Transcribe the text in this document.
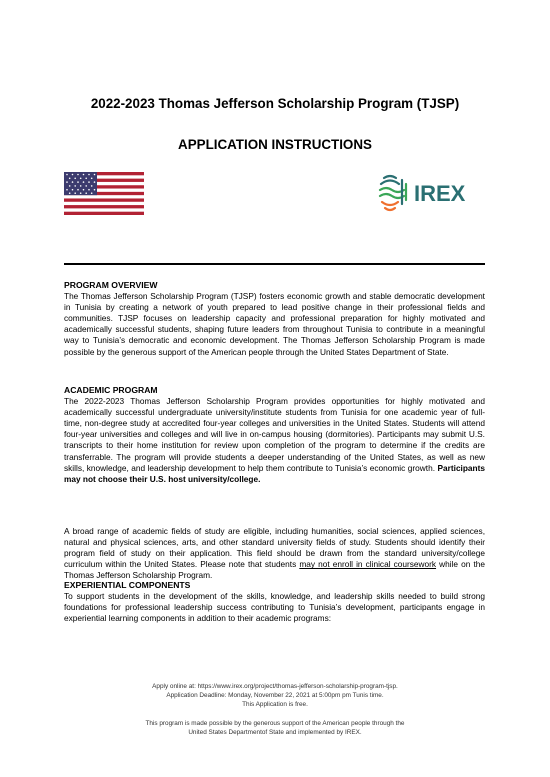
2022-2023 Thomas Jefferson Scholarship Program (TJSP)
APPLICATION INSTRUCTIONS
IREX
PROGRAM OVERVIEW
The Thomas Jefferson Scholarship Program (TJSP) fosters economic growth and stable democratic development in Tunisia by creating a network of youth prepared to lead positive change in their professional fields and communities. TJSP focuses on leadership capacity and professional preparation for highly motivated and academically successful students, shaping future leaders from throughout Tunisia to contribute in a meaningful way to Tunisia’s democratic and economic development. The Thomas Jefferson Scholarship Program is made possible by the generous support of the American people through the United States Department of State.
ACADEMIC PROGRAM
The 2022-2023 Thomas Jefferson Scholarship Program provides opportunities for highly motivated and academically successful undergraduate university/institute students from Tunisia for one academic year of full-time, non-degree study at accredited four-year colleges and universities in the United States. Students will attend four-year universities and colleges and will live in on-campus housing (dormitories). Participants may submit U.S. transcripts to their home institution for review upon completion of the program to determine if the credits are transferrable. The program will provide students a deeper understanding of the United States, as well as new skills, knowledge, and leadership development to help them contribute to Tunisia’s economic growth. Participants may not choose their U.S. host university/college.
A broad range of academic fields of study are eligible, including humanities, social sciences, applied sciences, natural and physical sciences, arts, and other standard university fields of study. Students should identify their program field of study on their application. This field should be drawn from the standard university/college curriculum within the United States. Please note that students may not enroll in clinical coursework while on the Thomas Jefferson Scholarship Program.
EXPERIENTIAL COMPONENTS
To support students in the development of the skills, knowledge, and leadership skills needed to build strong foundations for professional leadership success contributing to Tunisia’s development, participants engage in experiential learning components in addition to their academic programs:
Apply online at: https://www.irex.org/project/thomas-jefferson-scholarship-program-tjsp.
Application Deadline: Monday, November 22, 2021 at 5:00pm pm Tunis time.
This Application is free.
This program is made possible by the generous support of the American people through the
United States Departmentof State and implemented by IREX.
